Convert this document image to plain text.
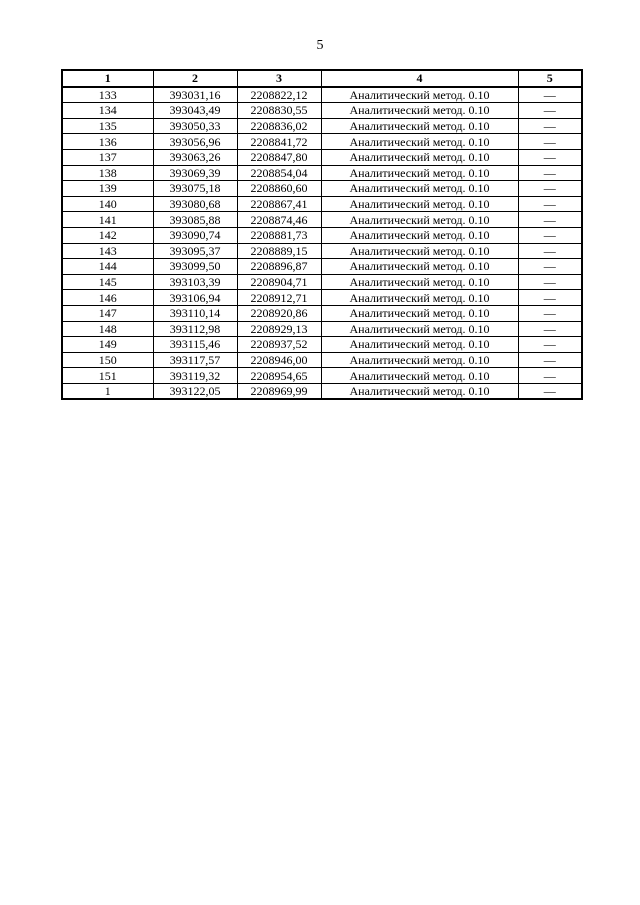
5
1	2	3	4	5
133	393031,16	2208822,12	Аналитический метод. 0.10	—
134	393043,49	2208830,55	Аналитический метод. 0.10	—
135	393050,33	2208836,02	Аналитический метод. 0.10	—
136	393056,96	2208841,72	Аналитический метод. 0.10	—
137	393063,26	2208847,80	Аналитический метод. 0.10	—
138	393069,39	2208854,04	Аналитический метод. 0.10	—
139	393075,18	2208860,60	Аналитический метод. 0.10	—
140	393080,68	2208867,41	Аналитический метод. 0.10	—
141	393085,88	2208874,46	Аналитический метод. 0.10	—
142	393090,74	2208881,73	Аналитический метод. 0.10	—
143	393095,37	2208889,15	Аналитический метод. 0.10	—
144	393099,50	2208896,87	Аналитический метод. 0.10	—
145	393103,39	2208904,71	Аналитический метод. 0.10	—
146	393106,94	2208912,71	Аналитический метод. 0.10	—
147	393110,14	2208920,86	Аналитический метод. 0.10	—
148	393112,98	2208929,13	Аналитический метод. 0.10	—
149	393115,46	2208937,52	Аналитический метод. 0.10	—
150	393117,57	2208946,00	Аналитический метод. 0.10	—
151	393119,32	2208954,65	Аналитический метод. 0.10	—
1	393122,05	2208969,99	Аналитический метод. 0.10	—
